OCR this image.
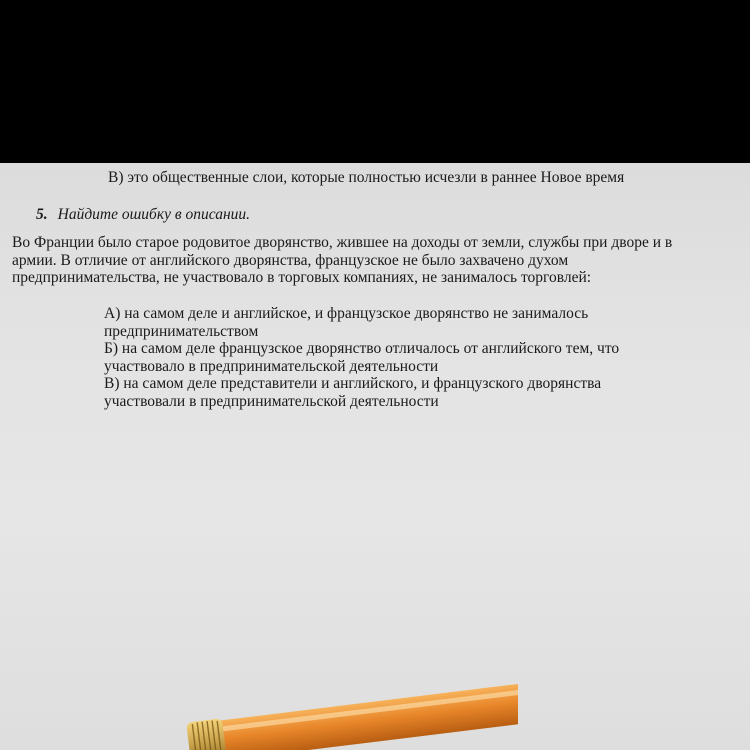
В) это общественные слои, которые полностью исчезли в раннее Новое время
5. Найдите ошибку в описании.
Во Франции было старое родовитое дворянство, жившее на доходы от земли, службы при дворе и в
армии. В отличие от английского дворянства, французское не было захвачено духом
предпринимательства, не участвовало в торговых компаниях, не занималось торговлей:
А) на самом деле и английское, и французское дворянство не занималось
предпринимательством
Б) на самом деле французское дворянство отличалось от английского тем, что
участвовало в предпринимательской деятельности
В) на самом деле представители и английского, и французского дворянства
участвовали в предпринимательской деятельности
